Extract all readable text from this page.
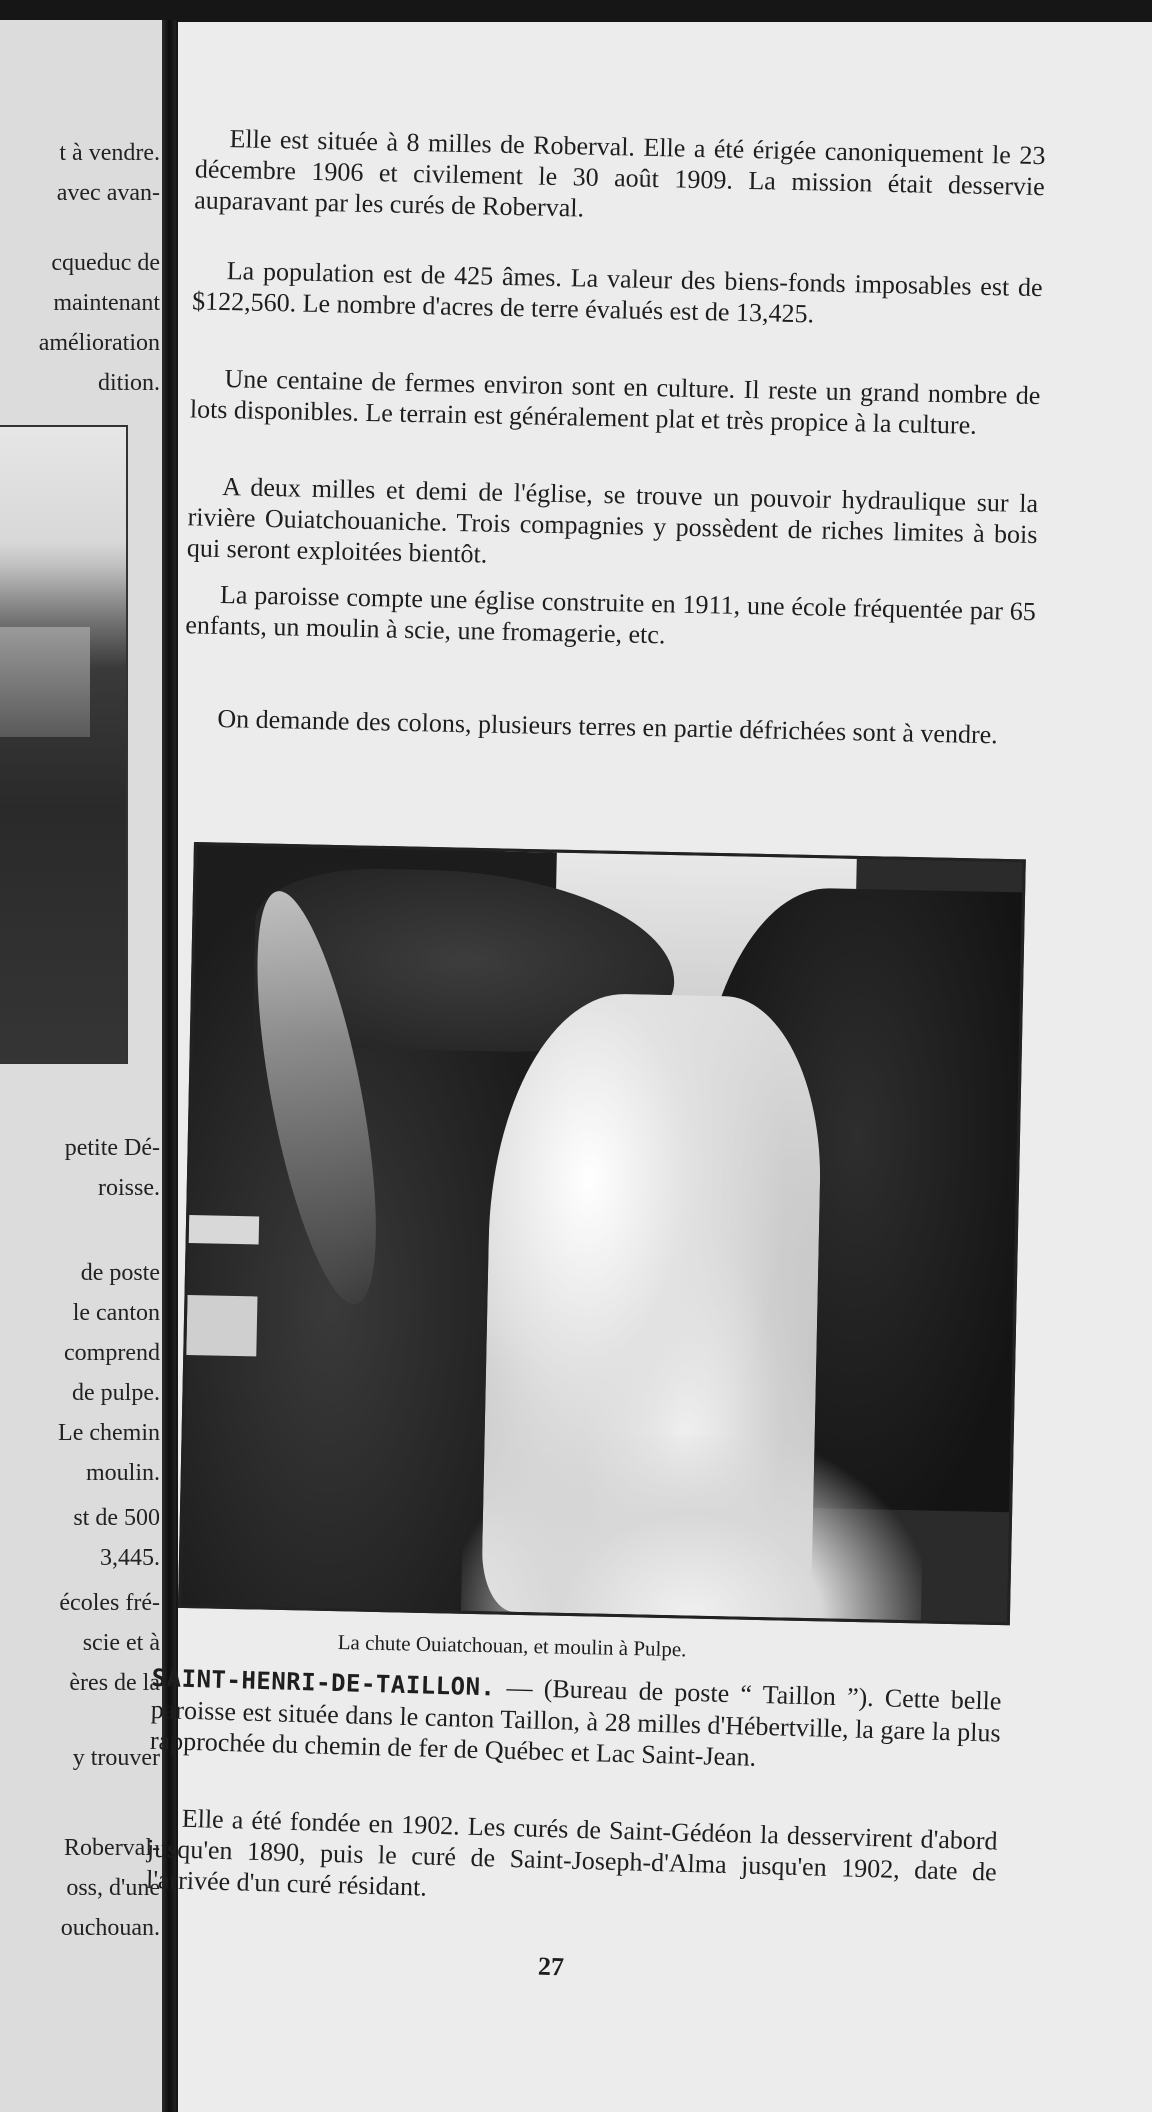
t à vendre.
avec avan-
cqueduc de
maintenant
amélioration
dition.
petite Dé-
roisse.
de poste
le canton
comprend
de pulpe.
Le chemin
moulin.
st de 500
3,445.
écoles fré-
scie et à
ères de la
y trouver
Roberval-
oss, d'une
ouchouan.

Elle est située à 8 milles de Roberval. Elle a été érigée canoniquement le 23 décembre 1906 et civilement le 30 août 1909. La mission était desservie auparavant par les curés de Roberval.

La population est de 425 âmes. La valeur des biens-fonds imposables est de $122,560. Le nombre d'acres de terre évalués est de 13,425.

Une centaine de fermes environ sont en culture. Il reste un grand nombre de lots disponibles. Le terrain est généralement plat et très propice à la culture.

A deux milles et demi de l'église, se trouve un pouvoir hydraulique sur la rivière Ouiatchouaniche. Trois compagnies y possèdent de riches limites à bois qui seront exploitées bientôt.

La paroisse compte une église construite en 1911, une école fréquentée par 65 enfants, un moulin à scie, une fromagerie, etc.

On demande des colons, plusieurs terres en partie défrichées sont à vendre.

La chute Ouiatchouan, et moulin à Pulpe.

SAINT-HENRI-DE-TAILLON. — (Bureau de poste “ Taillon ”). Cette belle paroisse est située dans le canton Taillon, à 28 milles d'Hébertville, la gare la plus rapprochée du chemin de fer de Québec et Lac Saint-Jean.

Elle a été fondée en 1902. Les curés de Saint-Gédéon la desservirent d'abord jusqu'en 1890, puis le curé de Saint-Joseph-d'Alma jusqu'en 1902, date de l'arrivée d'un curé résidant.

27
